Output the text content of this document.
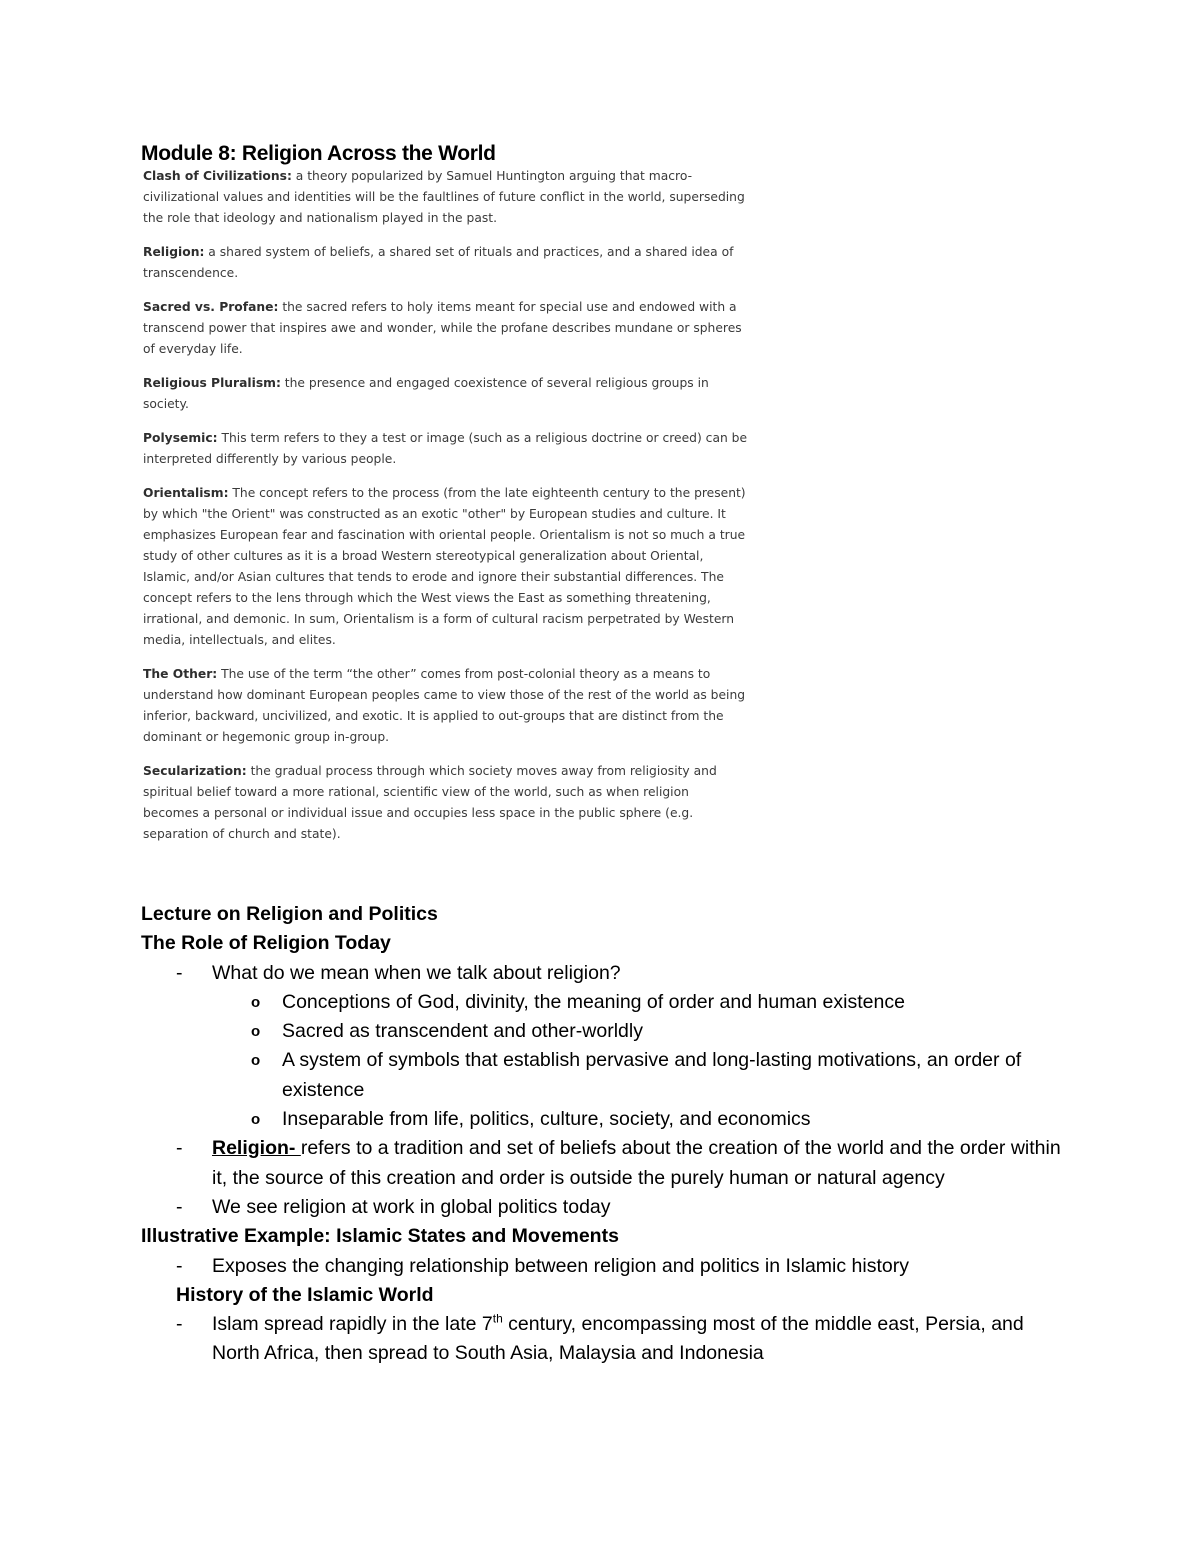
Module 8: Religion Across the World

Clash of Civilizations: a theory popularized by Samuel Huntington arguing that macro-civilizational values and identities will be the faultlines of future conflict in the world, superseding the role that ideology and nationalism played in the past.

Religion: a shared system of beliefs, a shared set of rituals and practices, and a shared idea of transcendence.

Sacred vs. Profane: the sacred refers to holy items meant for special use and endowed with a transcend power that inspires awe and wonder, while the profane describes mundane or spheres of everyday life.

Religious Pluralism: the presence and engaged coexistence of several religious groups in society.

Polysemic: This term refers to they a test or image (such as a religious doctrine or creed) can be interpreted differently by various people.

Orientalism: The concept refers to the process (from the late eighteenth century to the present) by which "the Orient" was constructed as an exotic "other" by European studies and culture. It emphasizes European fear and fascination with oriental people. Orientalism is not so much a true study of other cultures as it is a broad Western stereotypical generalization about Oriental, Islamic, and/or Asian cultures that tends to erode and ignore their substantial differences. The concept refers to the lens through which the West views the East as something threatening, irrational, and demonic. In sum, Orientalism is a form of cultural racism perpetrated by Western media, intellectuals, and elites.

The Other: The use of the term “the other” comes from post-colonial theory as a means to understand how dominant European peoples came to view those of the rest of the world as being inferior, backward, uncivilized, and exotic. It is applied to out-groups that are distinct from the dominant or hegemonic group in-group.

Secularization: the gradual process through which society moves away from religiosity and spiritual belief toward a more rational, scientific view of the world, such as when religion becomes a personal or individual issue and occupies less space in the public sphere (e.g. separation of church and state).

Lecture on Religion and Politics
The Role of Religion Today
- What do we mean when we talk about religion?
o Conceptions of God, divinity, the meaning of order and human existence
o Sacred as transcendent and other-worldly
o A system of symbols that establish pervasive and long-lasting motivations, an order of existence
o Inseparable from life, politics, culture, society, and economics
- Religion- refers to a tradition and set of beliefs about the creation of the world and the order within it, the source of this creation and order is outside the purely human or natural agency
- We see religion at work in global politics today
Illustrative Example: Islamic States and Movements
- Exposes the changing relationship between religion and politics in Islamic history
History of the Islamic World
- Islam spread rapidly in the late 7th century, encompassing most of the middle east, Persia, and North Africa, then spread to South Asia, Malaysia and Indonesia
